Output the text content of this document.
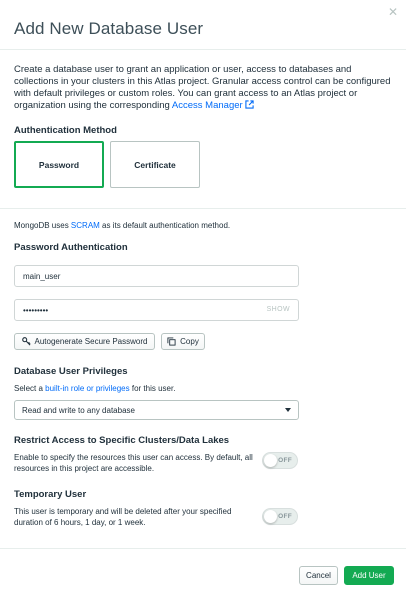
✕
Add New Database User

Create a database user to grant an application or user, access to databases and collections in your clusters in this Atlas project. Granular access control can be configured with default privileges or custom roles. You can grant access to an Atlas project or organization using the corresponding Access Manager

Authentication Method
Password	Certificate
MongoDB uses SCRAM as its default authentication method.
Password Authentication
main_user
•••••••••	SHOW
Autogenerate Secure Password	Copy
Database User Privileges
Select a built-in role or privileges for this user.
Read and write to any database
Restrict Access to Specific Clusters/Data Lakes
Enable to specify the resources this user can access. By default, all resources in this project are accessible.
OFF
Temporary User
This user is temporary and will be deleted after your specified duration of 6 hours, 1 day, or 1 week.
OFF
Cancel	Add User
